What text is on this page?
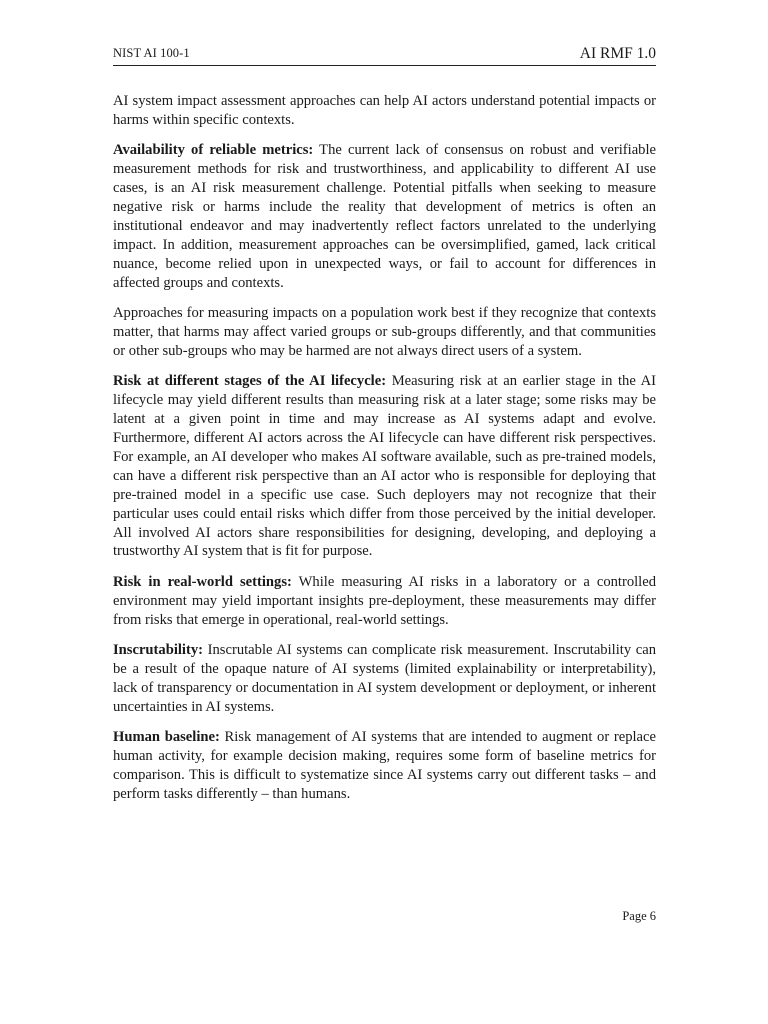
NIST AI 100-1	AI RMF 1.0

AI system impact assessment approaches can help AI actors understand potential impacts or harms within specific contexts.

Availability of reliable metrics: The current lack of consensus on robust and verifiable measurement methods for risk and trustworthiness, and applicability to different AI use cases, is an AI risk measurement challenge. Potential pitfalls when seeking to measure negative risk or harms include the reality that development of metrics is often an institutional endeavor and may inadvertently reflect factors unrelated to the underlying impact. In addition, measurement approaches can be oversimplified, gamed, lack critical nuance, become relied upon in unexpected ways, or fail to account for differences in affected groups and contexts.

Approaches for measuring impacts on a population work best if they recognize that contexts matter, that harms may affect varied groups or sub-groups differently, and that communities or other sub-groups who may be harmed are not always direct users of a system.

Risk at different stages of the AI lifecycle: Measuring risk at an earlier stage in the AI lifecycle may yield different results than measuring risk at a later stage; some risks may be latent at a given point in time and may increase as AI systems adapt and evolve. Furthermore, different AI actors across the AI lifecycle can have different risk perspectives. For example, an AI developer who makes AI software available, such as pre-trained models, can have a different risk perspective than an AI actor who is responsible for deploying that pre-trained model in a specific use case. Such deployers may not recognize that their particular uses could entail risks which differ from those perceived by the initial developer. All involved AI actors share responsibilities for designing, developing, and deploying a trustworthy AI system that is fit for purpose.

Risk in real-world settings: While measuring AI risks in a laboratory or a controlled environment may yield important insights pre-deployment, these measurements may differ from risks that emerge in operational, real-world settings.

Inscrutability: Inscrutable AI systems can complicate risk measurement. Inscrutability can be a result of the opaque nature of AI systems (limited explainability or interpretability), lack of transparency or documentation in AI system development or deployment, or inherent uncertainties in AI systems.

Human baseline: Risk management of AI systems that are intended to augment or replace human activity, for example decision making, requires some form of baseline metrics for comparison. This is difficult to systematize since AI systems carry out different tasks – and perform tasks differently – than humans.

Page 6
